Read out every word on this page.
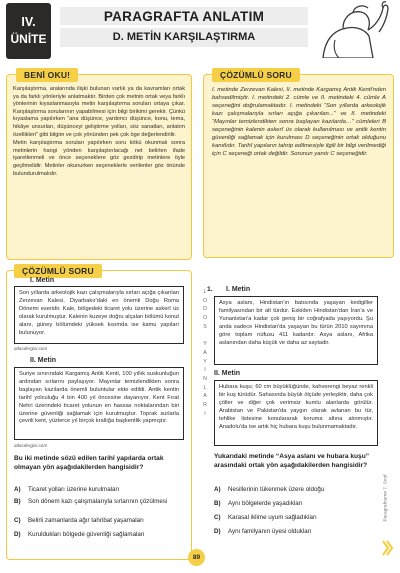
IV.
ÜNİTE
PARAGRAFTA ANLATIM
D. METİN KARŞILAŞTIRMA

Karşılaştırma, aralarında ilişki bulunan varlık ya da kavramları ortak ya da farklı yönleriyle anlatmaktır. Birden çok metnin ortak veya farklı yönlerinin kıyaslanmasıyla metin karşılaştırma soruları ortaya çıkar. Karşılaştırma sorularının yapabilmesi için bilgi birikimi gerekir. Çünkü kıyaslama yapılırken “ana düşünce, yardımcı düşünce, konu, tema, hikâye unsurları, düşünceyi geliştirme yolları, söz sanatları, anlatım özellikleri” gibi bilgim ve çok yönünden pek çok öge değerlendirilir.

Metin karşılaştırma soruları yapılırken soru kökü okunmalı sonra metinlerin hangi yönden karşılaştırılacağı net belirlen ifade işaretlenmeli ve önce seçeneklere göz gezdirip metinlere öyle geçilmelidir. Metinler okunurken seçeneklerle verilenler göz önünde bulundurulmalıdır.

BENİ OKU!

I. metinde Zerzevan Kalesi, II. metinde Kargamış Antik Kenti'nden bahsedilmiştir. I. metindeki 2. cümle ve II. metindeki 4. cümle A seçeneğini doğrulamaktadır. I. metindeki “Son yıllarda arkeolojik kazı çalışmalarıyla sırları açığa çıkarılan...” ve II. metindeki “Mayınlar temizlendikten sonra başlayan kazılarda…” cümleleri B seçeneğinin kalenin askerî üs olarak kullanılması ve antik kentin güvenliği sağlamak için kurulması D seçeneğinin ortak olduğunu kanıtlıdır. Tarihî yapıların tahrip edilmesiyle ilgili bir bilgi verilmediği için C seçeneği ortak değildir. Sorunun yanıtı C seçeneğidir.

ÇÖZÜMLÜ SORU
ÇÖZÜMLÜ SORU
I. Metin

Son yıllarda arkeolojik kazı çalışmalarıyla sırları açığa çıkarılan Zerzevan Kalesi, Diyarbakır'daki en önemli Doğu Roma Dönemi eseridir. Kale, bölgedeki ticaret yolu üzerine askerî üs olarak kurulmuştur. Kalenin kuzeye doğru alçalan bölümü konut alanı, güney bölümdeki yüksek kısımda ise kamu yapıları bulunuyor.

atlasdergisi.com
II. Metin

Suriye sınırındaki Kargamış Antik Kenti, 100 yıllık suskunluğun ardından sırlarını paylaşıyor. Mayınlar temizlendikten sonra başlayan kazılarda önemli buluntular elde edildi. Antik kentin tarihî yolculuğu 4 bin 400 yıl öncesine dayanıyor. Kent Fırat Nehri üzerindeki ticaret yolunun en hassas noktalarından biri üzerine güvenliği sağlamak için kurulmuştur. Toprak surlarla çevrili kent, yüzlerce yıl birçok krallığa başkentlik yapmıştır.

atlasdergisi.com
Bu iki metinde sözü edilen tarihî yapılarda ortak olmayan yön aşağıdakilerden hangisidir?
A) Ticaret yolları üzerine kurulmaları
B) Son dönem kazı çalışmalarıyla sırlarının çözülmesi
C) Belirli zamanlarda ağır tahribat yaşamaları
D) Kuruldukları bölgede güvenliği sağlamaları
L
O
D
O
S

Y
A
Y
I
N
L
A
R
I
1. I. Metin

Asya aslanı, Hindistan'ın batısında yaşayan kedigiller familyasından bir alt türdür. Eskiden Hindistan'dan İran'a ve Yunanistan'a kadar çok geniş bir coğrafyada yaşıyordu. Şu anda sadece Hindistan'da yaşayan bu türün 2010 sayımına göre toplam nüfusu 411 kadardır. Asya aslanı, Afrika aslanından daha küçük ve daha az saytadir.

II. Metin

Hubara kuşu; 60 cm büyüklüğünde, kahverengi beyaz renkli bir kuş türüdür. Sahasında büyük ölçüde yerleşiktir, daha çok çöller ve diğer çok verimsiz kumlu alanlarda görülür. Arabistan ve Pakistan'da yaygın olarak avlanan bu tür, tehlike listesine konulararak koruma altına alınmıştır. Anadolu'da ise artık hiç hubara kuşu bulunmamaktadır.

Yukarıdaki metinde “Asya aslanı ve hubara kuşu” arasındaki ortak yön aşağıdakilerden hangisidir?
A) Nesillerinin tükenmek üzere oldoğu
B) Aynı bölgelerde yaşadıkları
C) Karasal iklime uyum sağladıkları
D) Aynı familyanın üyesi oldukları
Paragrafname 7. Sınıf
89
